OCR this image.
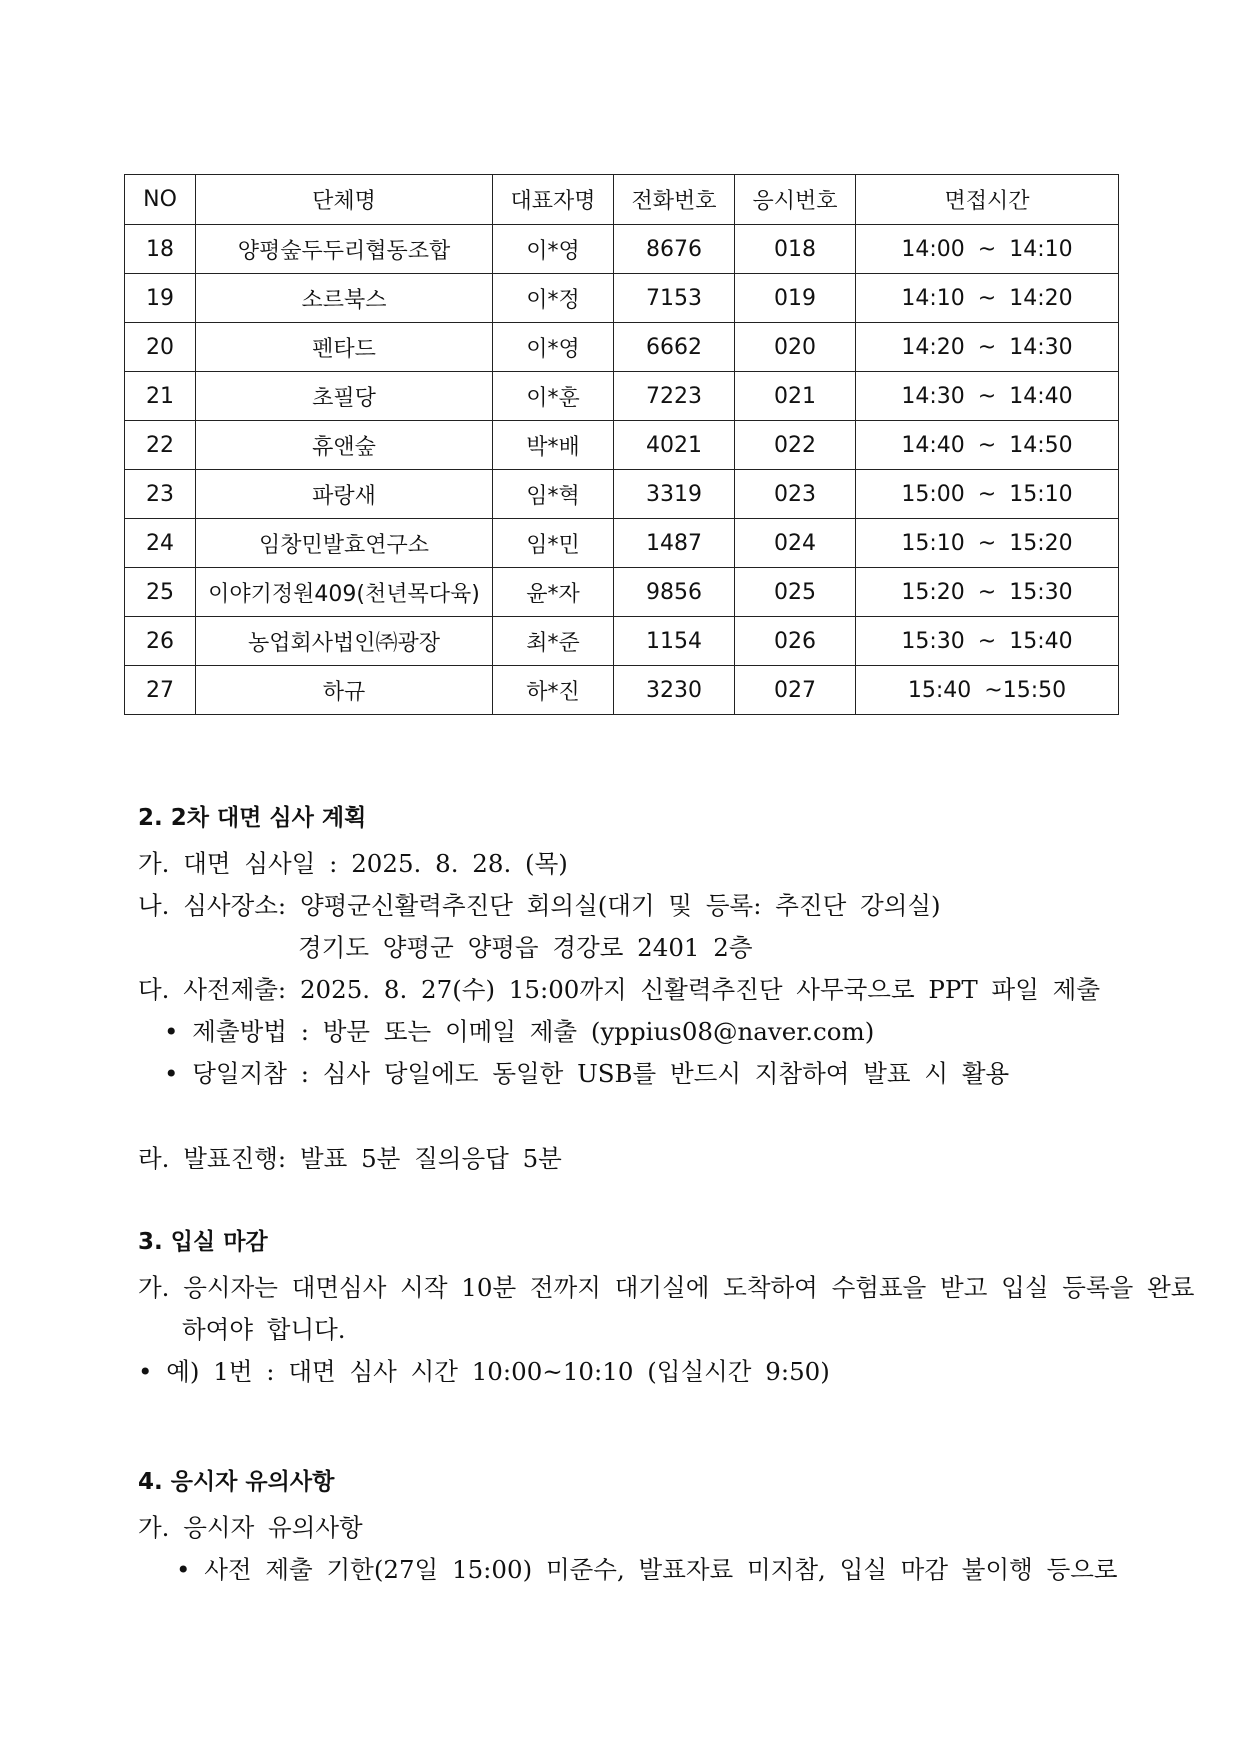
NO	단체명	대표자명	전화번호	응시번호	면접시간
18	양평숲두두리협동조합	이*영	8676	018	14:00 ~ 14:10
19	소르북스	이*정	7153	019	14:10 ~ 14:20
20	펜타드	이*영	6662	020	14:20 ~ 14:30
21	초필당	이*훈	7223	021	14:30 ~ 14:40
22	휴앤숲	박*배	4021	022	14:40 ~ 14:50
23	파랑새	임*혁	3319	023	15:00 ~ 15:10
24	임창민발효연구소	임*민	1487	024	15:10 ~ 15:20
25	이야기정원409(천년목다육)	윤*자	9856	025	15:20 ~ 15:30
26	농업회사법인㈜광장	최*준	1154	026	15:30 ~ 15:40
27	하규	하*진	3230	027	15:40 ~15:50

2. 2차 대면 심사 계획

가. 대면 심사일 : 2025. 8. 28. (목)

나. 심사장소: 양평군신활력추진단 회의실(대기 및 등록: 추진단 강의실)

경기도 양평군 양평읍 경강로 2401 2층

다. 사전제출: 2025. 8. 27(수) 15:00까지 신활력추진단 사무국으로 PPT 파일 제출

• 제출방법 : 방문 또는 이메일 제출 (yppius08@naver.com)

• 당일지참 : 심사 당일에도 동일한 USB를 반드시 지참하여 발표 시 활용

라. 발표진행: 발표 5분 질의응답 5분

3. 입실 마감

가. 응시자는 대면심사 시작 10분 전까지 대기실에 도착하여 수험표을 받고 입실 등록을 완료

하여야 합니다.

• 예) 1번 : 대면 심사 시간 10:00~10:10 (입실시간 9:50)

4. 응시자 유의사항

가. 응시자 유의사항

• 사전 제출 기한(27일 15:00) 미준수, 발표자료 미지참, 입실 마감 불이행 등으로
